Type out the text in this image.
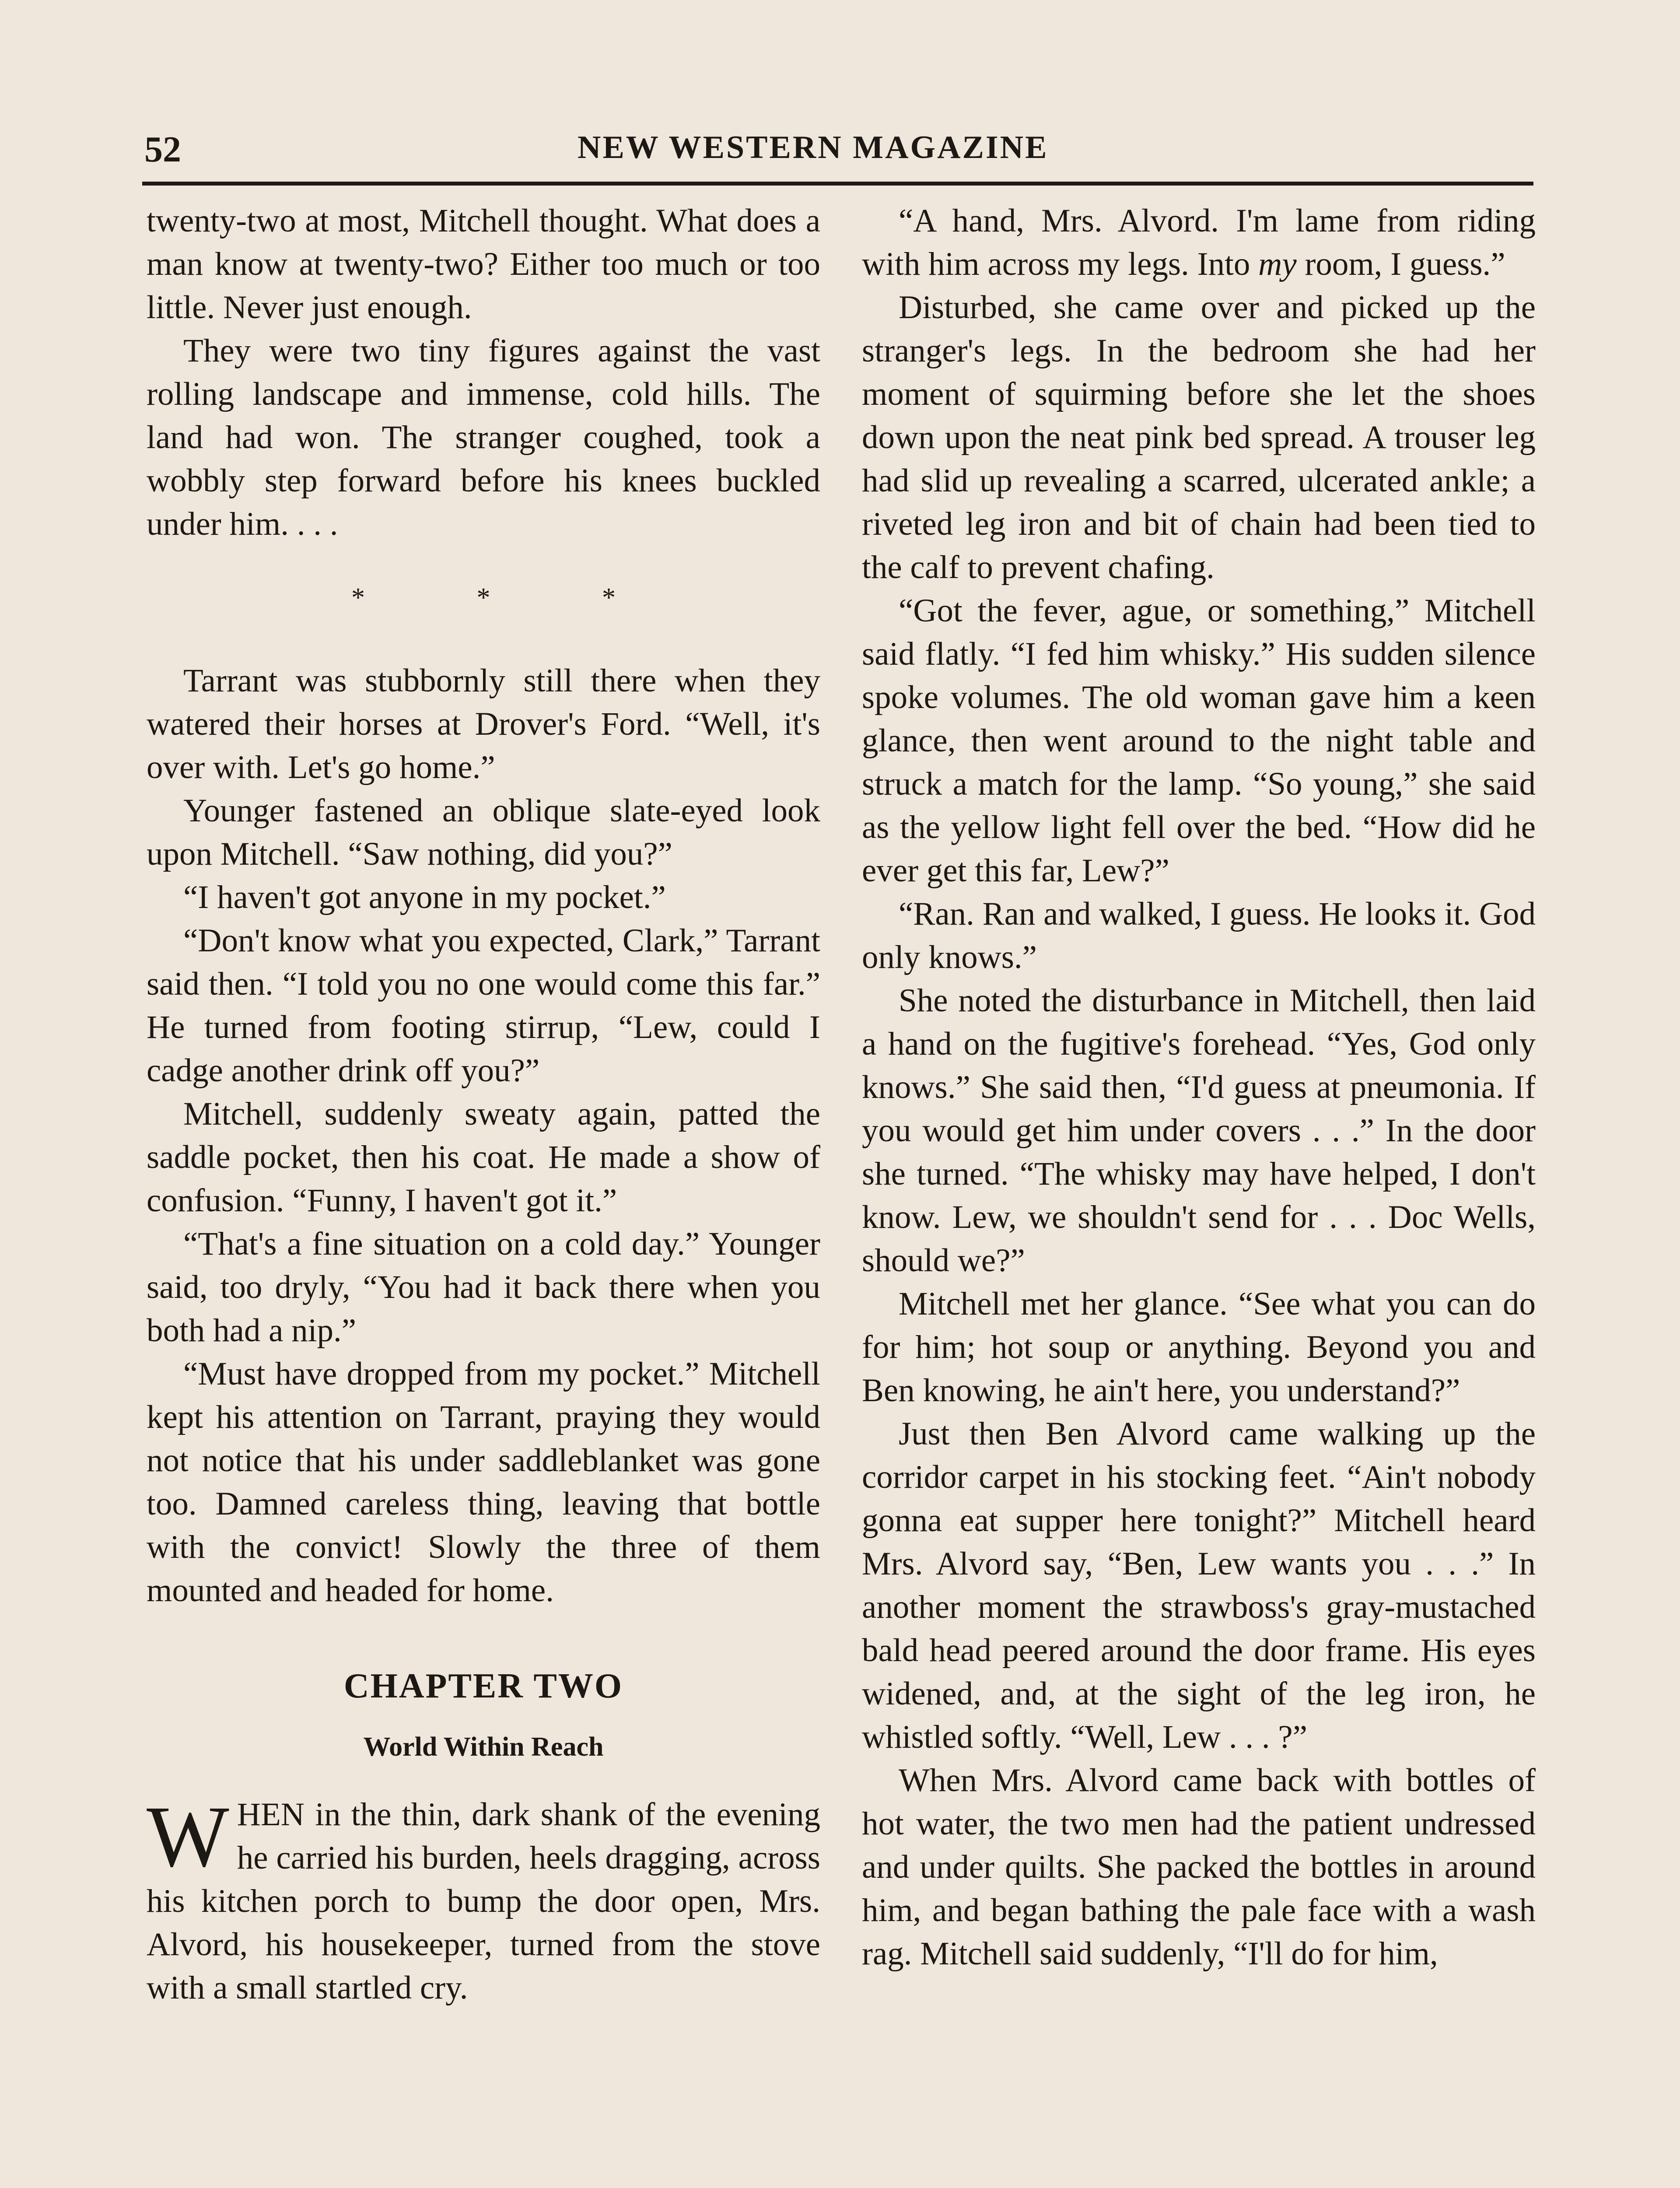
52	NEW WESTERN MAGAZINE

twenty-two at most, Mitchell thought. What does a man know at twenty-two? Either too much or too little. Never just enough.

They were two tiny figures against the vast rolling landscape and immense, cold hills. The land had won. The stranger coughed, took a wobbly step forward before his knees buckled under him. . . .

* * *

Tarrant was stubbornly still there when they watered their horses at Drover's Ford. “Well, it's over with. Let's go home.”

Younger fastened an oblique slate-eyed look upon Mitchell. “Saw nothing, did you?”

“I haven't got anyone in my pocket.”

“Don't know what you expected, Clark,” Tarrant said then. “I told you no one would come this far.” He turned from footing stirrup, “Lew, could I cadge another drink off you?”

Mitchell, suddenly sweaty again, patted the saddle pocket, then his coat. He made a show of confusion. “Funny, I haven't got it.”

“That's a fine situation on a cold day.” Younger said, too dryly, “You had it back there when you both had a nip.”

“Must have dropped from my pocket.” Mitchell kept his attention on Tarrant, praying they would not notice that his under saddleblanket was gone too. Damned careless thing, leaving that bottle with the convict! Slowly the three of them mounted and headed for home.

CHAPTER TWO
World Within Reach

WHEN in the thin, dark shank of the evening he carried his burden, heels dragging, across his kitchen porch to bump the door open, Mrs. Alvord, his housekeeper, turned from the stove with a small startled cry.

“A hand, Mrs. Alvord. I'm lame from riding with him across my legs. Into my room, I guess.”

Disturbed, she came over and picked up the stranger's legs. In the bedroom she had her moment of squirming before she let the shoes down upon the neat pink bed spread. A trouser leg had slid up revealing a scarred, ulcerated ankle; a riveted leg iron and bit of chain had been tied to the calf to prevent chafing.

“Got the fever, ague, or something,” Mitchell said flatly. “I fed him whisky.” His sudden silence spoke volumes. The old woman gave him a keen glance, then went around to the night table and struck a match for the lamp. “So young,” she said as the yellow light fell over the bed. “How did he ever get this far, Lew?”

“Ran. Ran and walked, I guess. He looks it. God only knows.”

She noted the disturbance in Mitchell, then laid a hand on the fugitive's forehead. “Yes, God only knows.” She said then, “I'd guess at pneumonia. If you would get him under covers . . .” In the door she turned. “The whisky may have helped, I don't know. Lew, we shouldn't send for . . . Doc Wells, should we?”

Mitchell met her glance. “See what you can do for him; hot soup or anything. Beyond you and Ben knowing, he ain't here, you understand?”

Just then Ben Alvord came walking up the corridor carpet in his stocking feet. “Ain't nobody gonna eat supper here tonight?” Mitchell heard Mrs. Alvord say, “Ben, Lew wants you . . .” In another moment the strawboss's gray-mustached bald head peered around the door frame. His eyes widened, and, at the sight of the leg iron, he whistled softly. “Well, Lew . . . ?”

When Mrs. Alvord came back with bottles of hot water, the two men had the patient undressed and under quilts. She packed the bottles in around him, and began bathing the pale face with a wash rag. Mitchell said suddenly, “I'll do for him,
